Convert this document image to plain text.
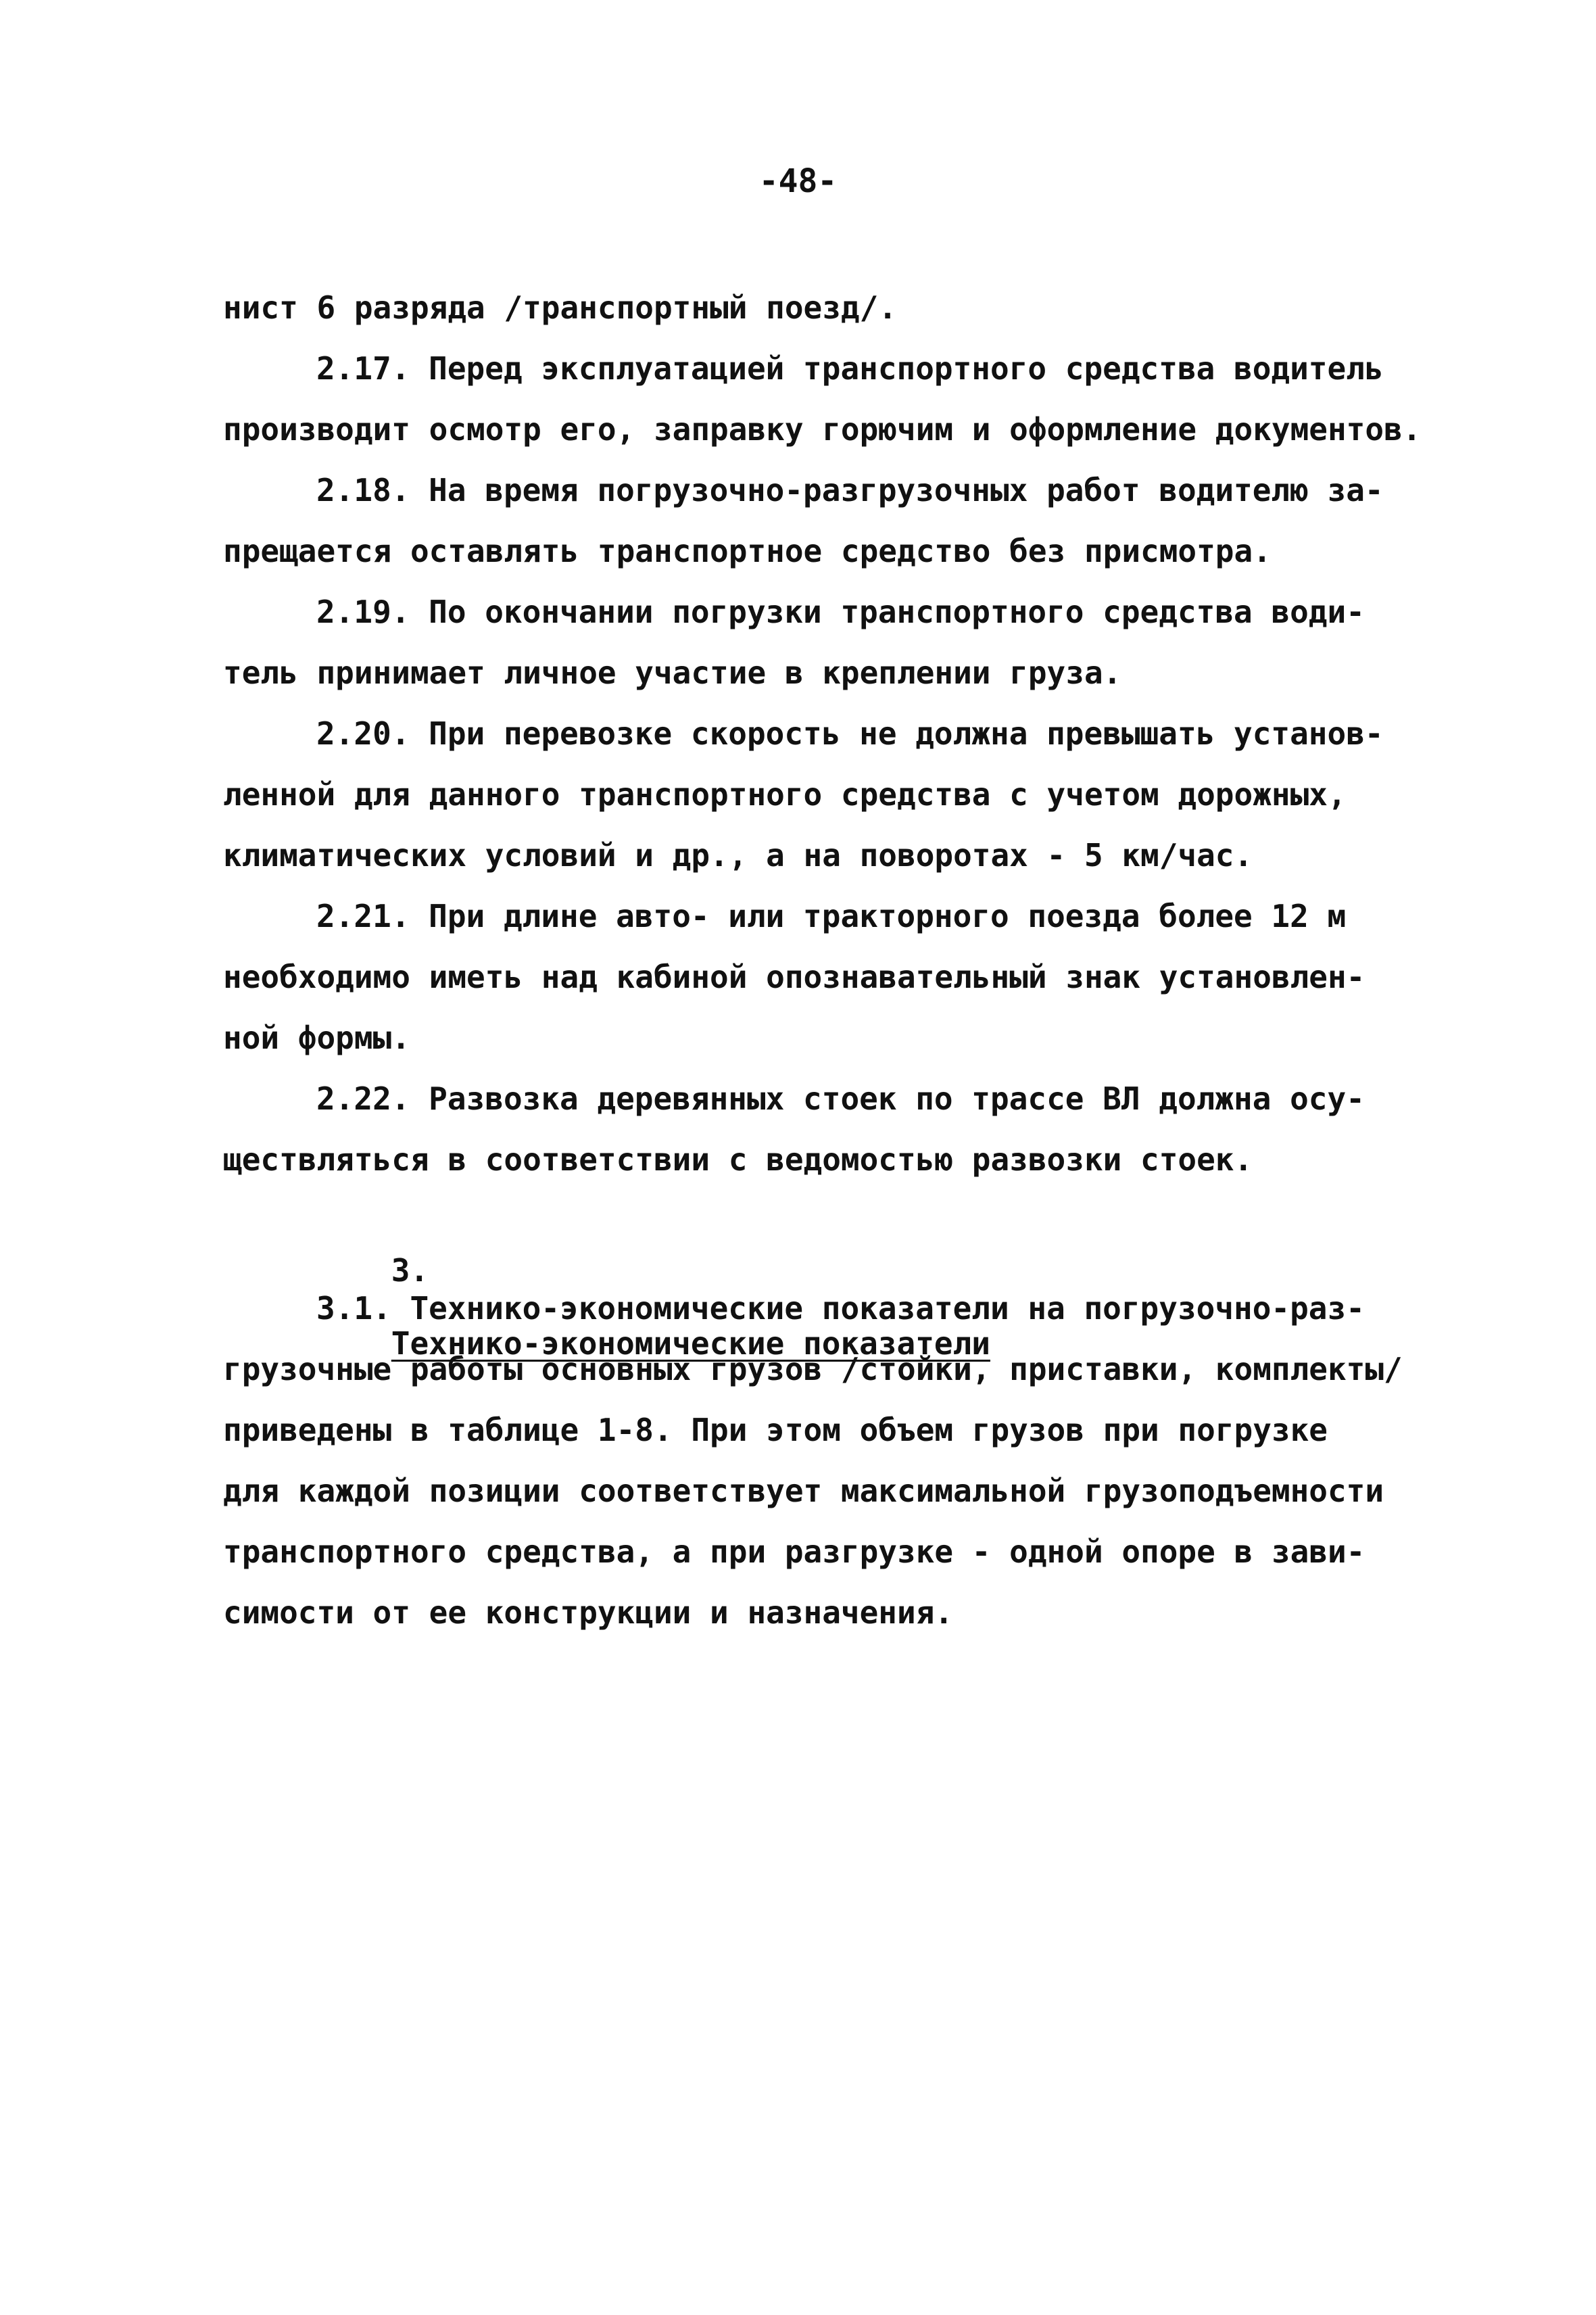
-48-
нист 6 разряда /транспортный поезд/.
2.17. Перед эксплуатацией транспортного средства водитель
производит осмотр его, заправку горючим и оформление документов.
2.18. На время погрузочно-разгрузочных работ водителю за-
прещается оставлять транспортное средство без присмотра.
2.19. По окончании погрузки транспортного средства води-
тель принимает личное участие в креплении груза.
2.20. При перевозке скорость не должна превышать установ-
ленной для данного транспортного средства с учетом дорожных,
климатических условий и др., а на поворотах - 5 км/час.
2.21. При длине авто- или тракторного поезда более 12 м
необходимо иметь над кабиной опознавательный знак установлен-
ной формы.
2.22. Развозка деревянных стоек по трассе ВЛ должна осу-
ществляться в соответствии с ведомостью развозки стоек.

3.

Технико-экономические показатели

3.1. Технико-экономические показатели на погрузочно-раз-
грузочные работы основных грузов /стойки, приставки, комплекты/
приведены в таблице 1-8. При этом объем грузов при погрузке
для каждой позиции соответствует максимальной грузоподъемности
транспортного средства, а при разгрузке - одной опоре в зави-
симости от ее конструкции и назначения.
